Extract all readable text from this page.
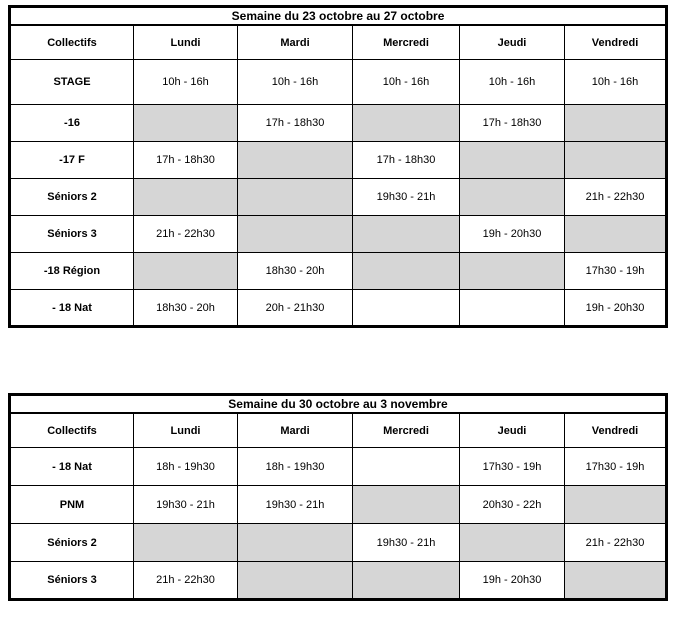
Semaine du 23 octobre au 27 octobre					
Collectifs	Lundi	Mardi	Mercredi	Jeudi	Vendredi
STAGE	10h - 16h	10h - 16h	10h - 16h	10h - 16h	10h - 16h
-16		17h - 18h30		17h - 18h30	
-17 F	17h - 18h30		17h - 18h30		
Séniors 2			19h30 - 21h		21h - 22h30
Séniors 3	21h - 22h30			19h - 20h30	
-18 Région		18h30 - 20h			17h30 - 19h
- 18 Nat	18h30 - 20h	20h - 21h30			19h - 20h30
Semaine du 30 octobre au 3 novembre					
Collectifs	Lundi	Mardi	Mercredi	Jeudi	Vendredi
- 18 Nat	18h - 19h30	18h - 19h30		17h30 - 19h	17h30 - 19h
PNM	19h30 - 21h	19h30 - 21h		20h30 - 22h	
Séniors 2			19h30 - 21h		21h - 22h30
Séniors 3	21h - 22h30			19h - 20h30	
